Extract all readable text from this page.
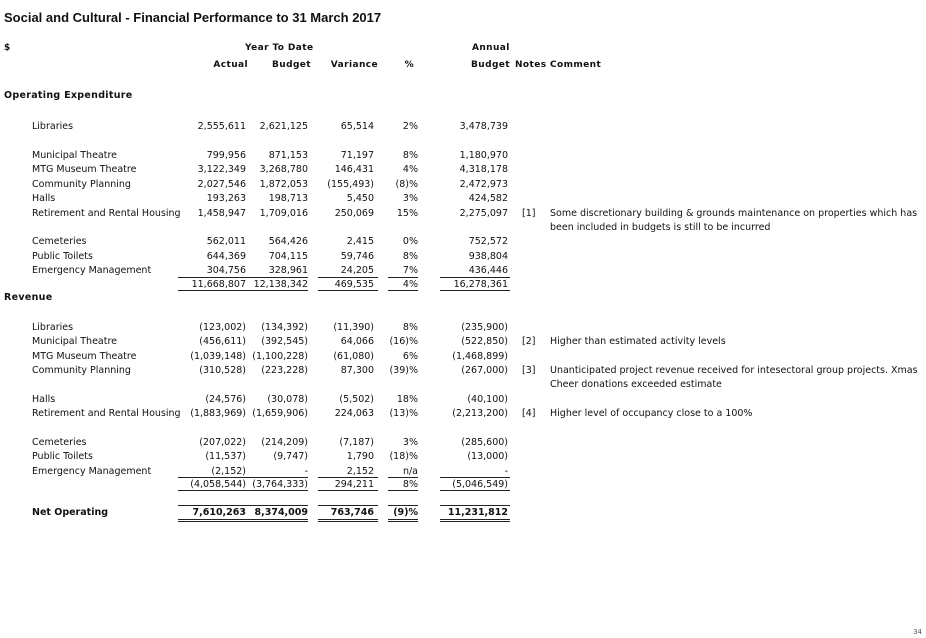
Social and Cultural - Financial Performance to 31 March 2017
$	Year To Date	Annual
Actual	Budget Variance	%	Budget Notes Comment
Operating Expenditure
Libraries	2,555,611 2,621,125	65,514	2%	3,478,739
Municipal Theatre	799,956 871,153	71,197	8%	1,180,970
MTG Museum Theatre	3,122,349 3,268,780	146,431	4%	4,318,178
Community Planning	2,027,546 1,872,053 (155,493) (8)%	2,472,973
Halls	193,263 198,713	5,450	3%	424,582
Retirement and Rental Housing 1,458,947 1,709,016	250,069 15%	2,275,097 [1] Some discretionary building & grounds maintenance on properties which has
been included in budgets is still to be incurred
Cemeteries	562,011 564,426	2,415	0%	752,572
Public Toilets	644,369 704,115	59,746	8%	938,804
Emergency Management	304,756 328,961	24,205	7%	436,446
11,668,807 12,138,342	469,535	4%	16,278,361
Revenue
Libraries	(123,002) (134,392)	(11,390)	8%	(235,900)
Municipal Theatre	(456,611) (392,545)	64,066 (16)%	(522,850) [2] Higher than estimated activity levels
MTG Museum Theatre	(1,039,148) (1,100,228)	(61,080)	6%	(1,468,899)
Community Planning	(310,528) (223,228)	87,300 (39)%	(267,000) [3] Unanticipated project revenue received for intesectoral group projects. Xmas
Cheer donations exceeded estimate
Halls	(24,576) (30,078)	(5,502) 18%	(40,100)
Retirement and Rental Housing (1,883,969) (1,659,906)	224,063 (13)%	(2,213,200) [4] Higher level of occupancy close to a 100%
Cemeteries	(207,022) (214,209)	(7,187)	3%	(285,600)
Public Toilets	(11,537)	(9,747)	1,790 (18)%	(13,000)
Emergency Management	(2,152)	-	2,152	n/a	-
(4,058,544) (3,764,333)	294,211	8%	(5,046,549)
Net Operating	7,610,263 8,374,009 763,746 (9)%	11,231,812
34
